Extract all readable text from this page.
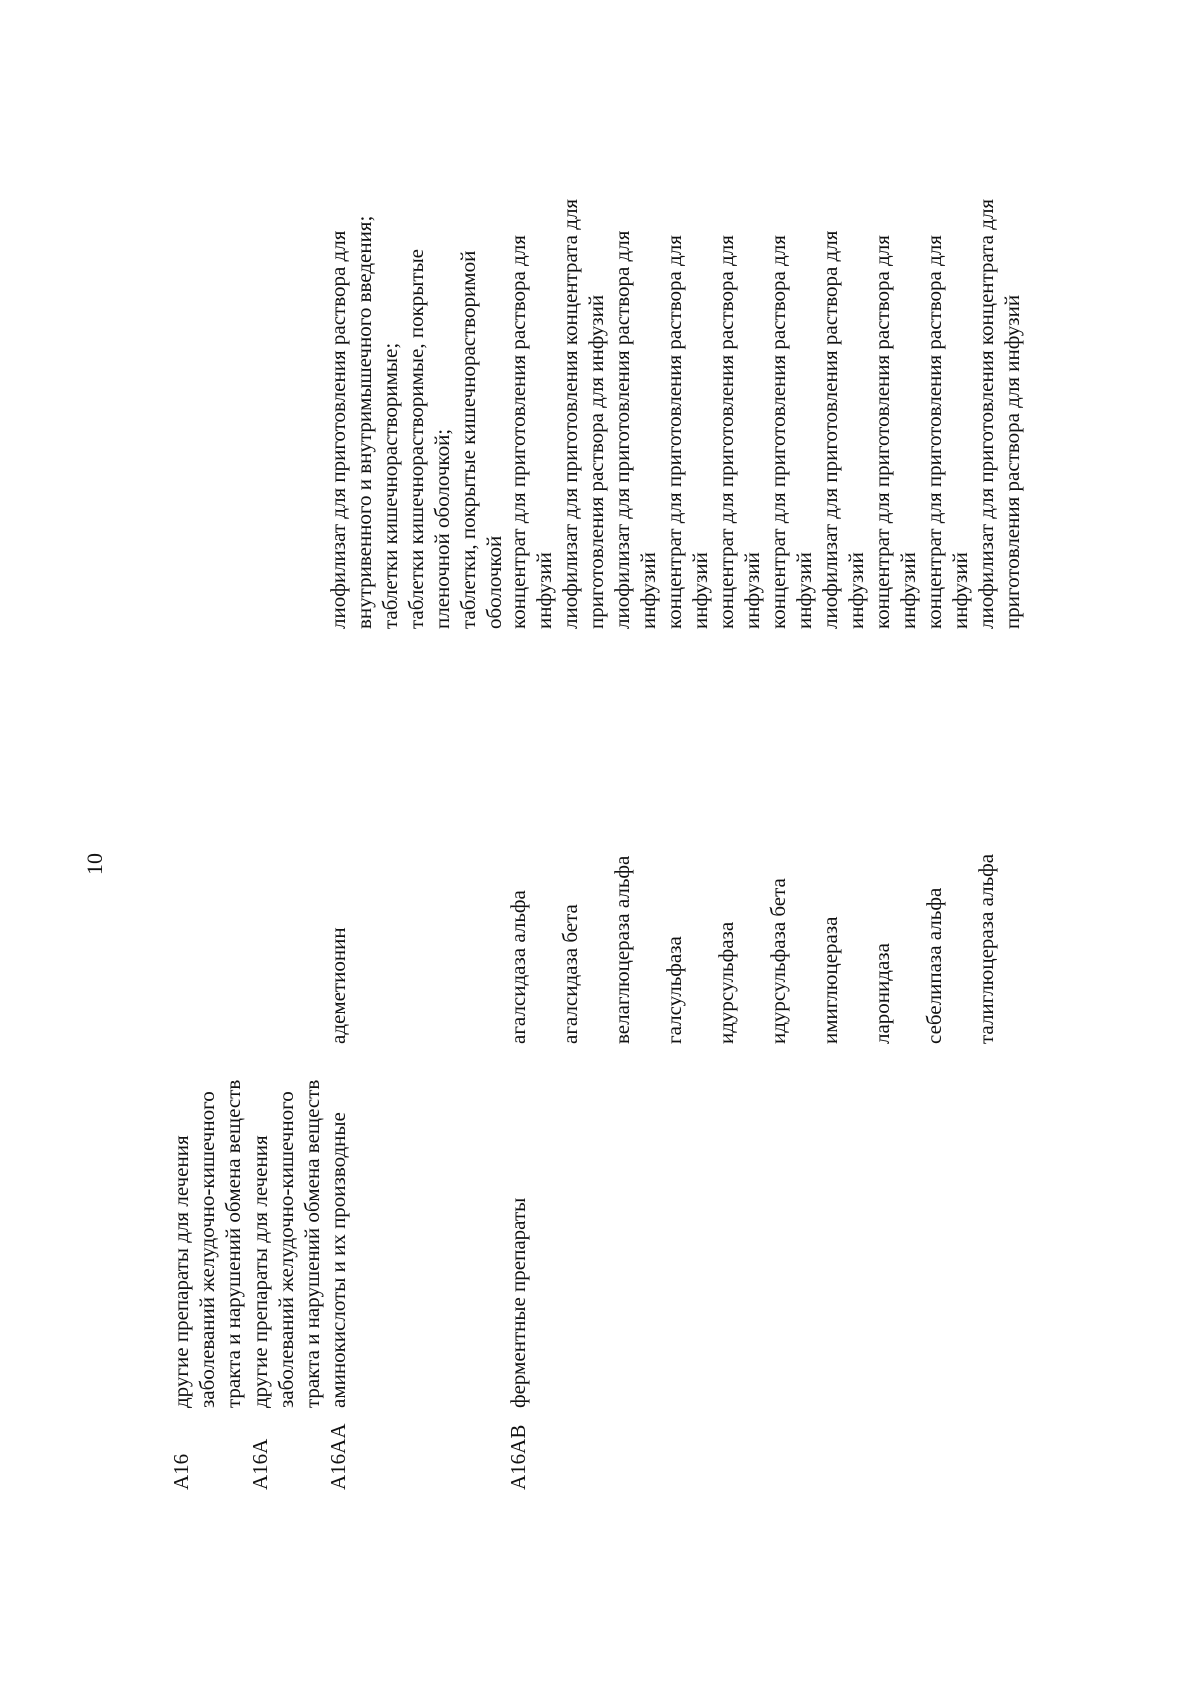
10
A16
другие препараты для лечения заболеваний желудочно-кишечного тракта и нарушений обмена веществ
A16A
другие препараты для лечения заболеваний желудочно-кишечного тракта и нарушений обмена веществ
A16AA
аминокислоты и их производные
адеметионин
лиофилизат для приготовления раствора для внутривенного и внутримышечного введения; таблетки кишечнорастворимые; таблетки кишечнорастворимые, покрытые пленочной оболочкой; таблетки, покрытые кишечнорастворимой оболочкой
A16AB
ферментные препараты
агалсидаза альфа
концентрат для приготовления раствора для инфузий
агалсидаза бета
лиофилизат для приготовления концентрата для приготовления раствора для инфузий
велаглюцераза альфа
лиофилизат для приготовления раствора для инфузий
галсульфаза
концентрат для приготовления раствора для инфузий
идурсульфаза
концентрат для приготовления раствора для инфузий
идурсульфаза бета
концентрат для приготовления раствора для инфузий
имиглюцераза
лиофилизат для приготовления раствора для инфузий
ларонидаза
концентрат для приготовления раствора для инфузий
себелипаза альфа
концентрат для приготовления раствора для инфузий
талиглюцераза альфа
лиофилизат для приготовления концентрата для приготовления раствора для инфузий
